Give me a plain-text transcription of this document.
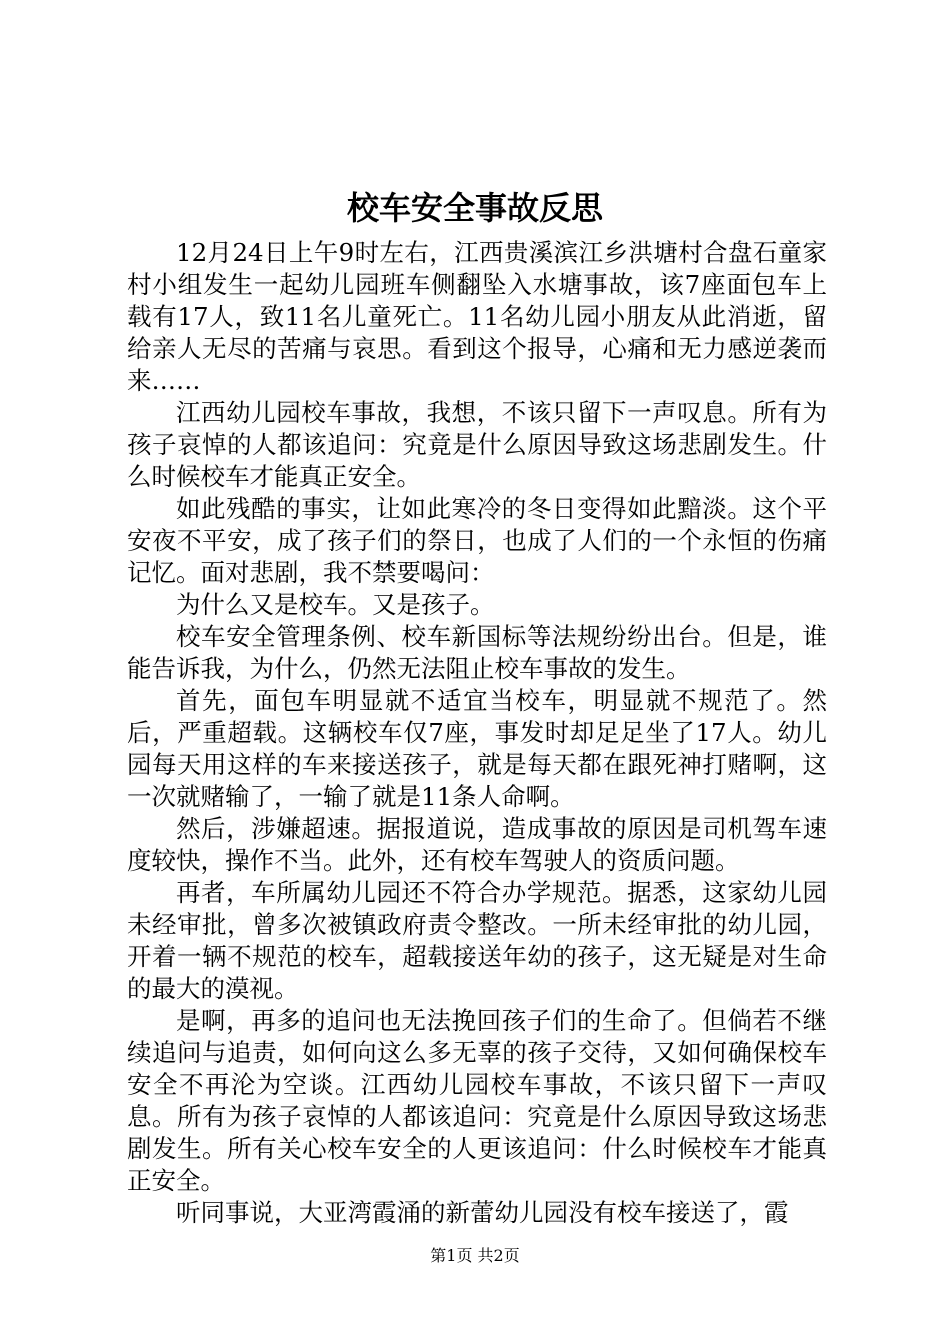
校车安全事故反思

12月24日上午9时左右，江西贵溪滨江乡洪塘村合盘石童家村小组发生一起幼儿园班车侧翻坠入水塘事故，该7座面包车上载有17人，致11名儿童死亡。11名幼儿园小朋友从此消逝，留给亲人无尽的苦痛与哀思。看到这个报导，心痛和无力感逆袭而来……

江西幼儿园校车事故，我想，不该只留下一声叹息。所有为孩子哀悼的人都该追问：究竟是什么原因导致这场悲剧发生。什么时候校车才能真正安全。

如此残酷的事实，让如此寒冷的冬日变得如此黯淡。这个平安夜不平安，成了孩子们的祭日，也成了人们的一个永恒的伤痛记忆。面对悲剧，我不禁要喝问：

为什么又是校车。又是孩子。

校车安全管理条例、校车新国标等法规纷纷出台。但是，谁能告诉我，为什么，仍然无法阻止校车事故的发生。

首先，面包车明显就不适宜当校车，明显就不规范了。然后，严重超载。这辆校车仅7座，事发时却足足坐了17人。幼儿园每天用这样的车来接送孩子，就是每天都在跟死神打赌啊，这一次就赌输了，一输了就是11条人命啊。

然后，涉嫌超速。据报道说，造成事故的原因是司机驾车速度较快，操作不当。此外，还有校车驾驶人的资质问题。

再者，车所属幼儿园还不符合办学规范。据悉，这家幼儿园未经审批，曾多次被镇政府责令整改。一所未经审批的幼儿园，开着一辆不规范的校车，超载接送年幼的孩子，这无疑是对生命的最大的漠视。

是啊，再多的追问也无法挽回孩子们的生命了。但倘若不继续追问与追责，如何向这么多无辜的孩子交待，又如何确保校车安全不再沦为空谈。江西幼儿园校车事故，不该只留下一声叹息。所有为孩子哀悼的人都该追问：究竟是什么原因导致这场悲剧发生。所有关心校车安全的人更该追问：什么时候校车才能真正安全。

听同事说，大亚湾霞涌的新蕾幼儿园没有校车接送了，霞

第1页 共2页
